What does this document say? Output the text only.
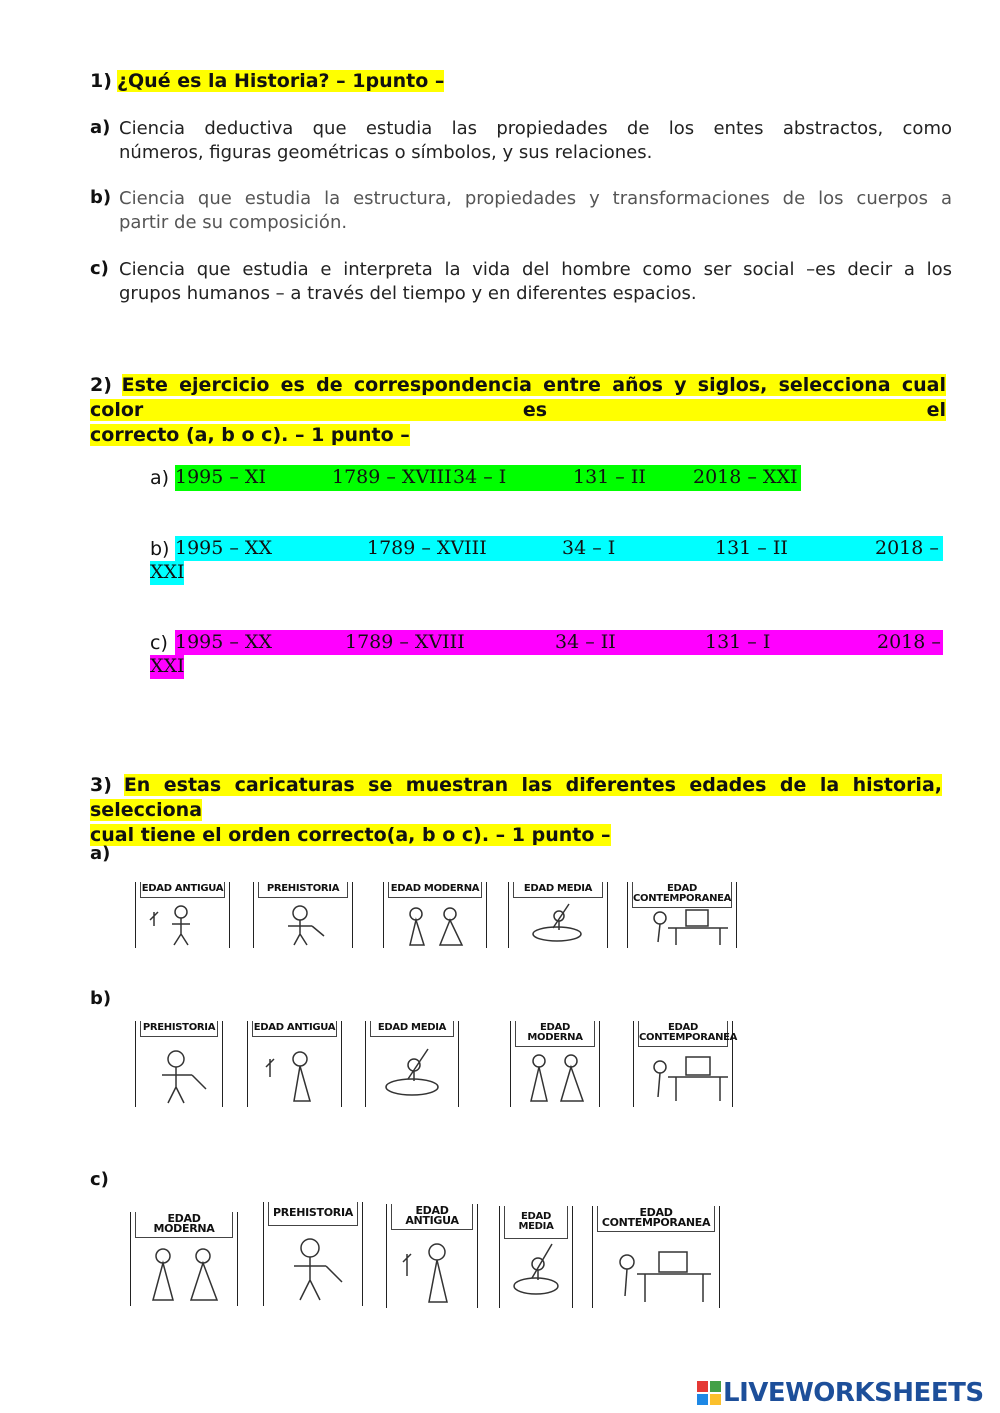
1) ¿Qué es la Historia? – 1punto –
a) Ciencia deductiva que estudia las propiedades de los entes abstractos, como
números, figuras geométricas o símbolos, y sus relaciones.
b) Ciencia que estudia la estructura, propiedades y transformaciones de los cuerpos a
partir de su composición.
c) Ciencia que estudia e interpreta la vida del hombre como ser social –es decir a los
grupos humanos – a través del tiempo y en diferentes espacios.
2) Este ejercicio es de correspondencia entre años y siglos, selecciona cual color es el
correcto (a, b o c). – 1 punto –
a) 1995 – XI	1789 – XVIII 34 – I	131 – II 2018 – XXI
b) 1995 – XX	1789 – XVIII	34 – I	131 – II	2018 –
XXI
c) 1995 – XX	1789 – XVIII	34 – II	131 – I	2018 –
XXI
3) En estas caricaturas se muestran las diferentes edades de la historia, selecciona
cual tiene el orden correcto(a, b o c). – 1 punto –
a)
EDAD ANTIGUA	PREHISTORIA	EDAD MODERNA	EDAD MEDIA	EDAD CONTEMPORANEA
b)
PREHISTORIA	EDAD ANTIGUA	EDAD MEDIA	EDAD MODERNA
EDAD CONTEMPORANEA
c)
EDAD MODERNA
PREHISTORIA	EDAD ANTIGUA	EDAD MEDIA
EDAD CONTEMPORANEA
LIVEWORKSHEETS
